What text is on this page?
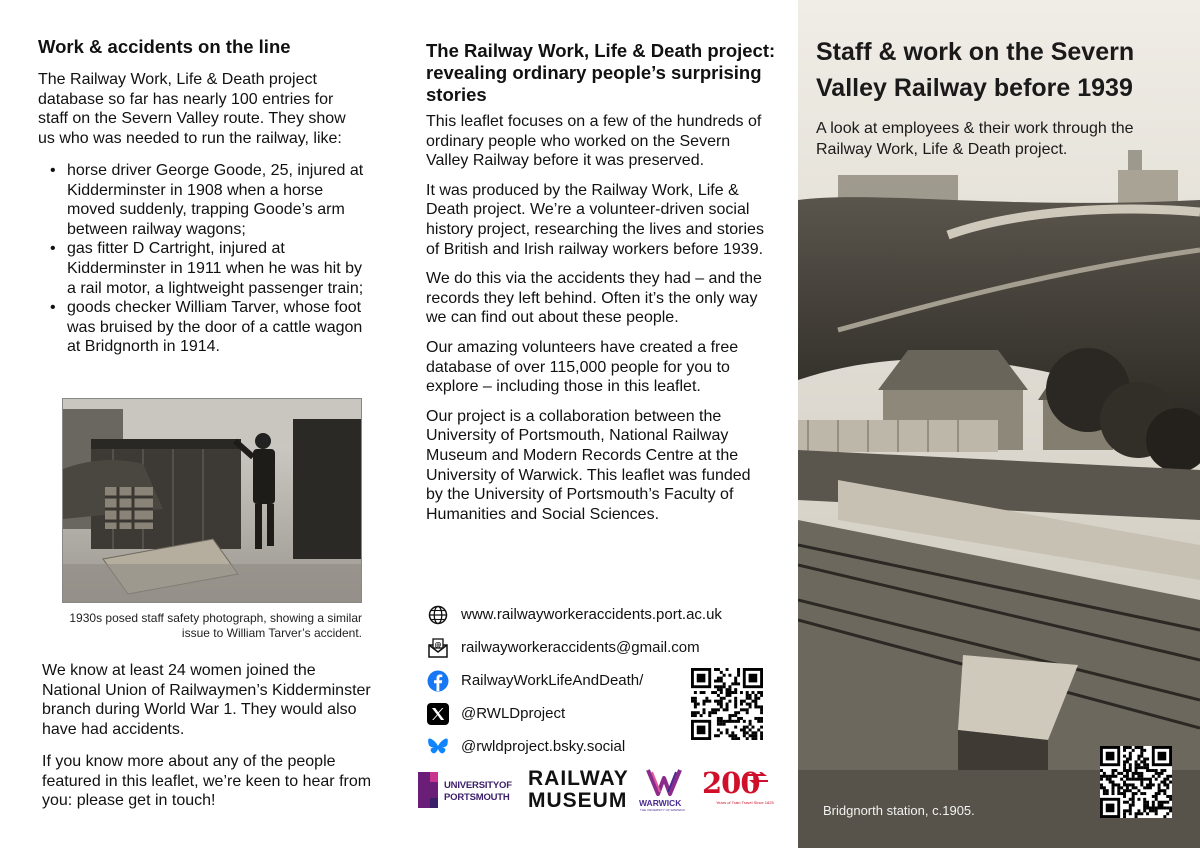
Work & accidents on the line

The Railway Work, Life & Death project database so far has nearly 100 entries for staff on the Severn Valley route. They show us who was needed to run the railway, like:

• horse driver George Goode, 25, injured at Kidderminster in 1908 when a horse moved suddenly, trapping Goode’s arm between railway wagons;
• gas fitter D Cartright, injured at Kidderminster in 1911 when he was hit by a rail motor, a lightweight passenger train;
• goods checker William Tarver, whose foot was bruised by the door of a cattle wagon at Bridgnorth in 1914.

1930s posed staff safety photograph, showing a similar issue to William Tarver’s accident.

We know at least 24 women joined the National Union of Railwaymen’s Kidderminster branch during World War 1. They would also have had accidents.

If you know more about any of the people featured in this leaflet, we’re keen to hear from you: please get in touch!

The Railway Work, Life & Death project: revealing ordinary people’s surprising stories

This leaflet focuses on a few of the hundreds of ordinary people who worked on the Severn Valley Railway before it was preserved.

It was produced by the Railway Work, Life & Death project. We’re a volunteer-driven social history project, researching the lives and stories of British and Irish railway workers before 1939.

We do this via the accidents they had – and the records they left behind. Often it’s the only way we can find out about these people.

Our amazing volunteers have created a free database of over 115,000 people for you to explore – including those in this leaflet.

Our project is a collaboration between the University of Portsmouth, National Railway Museum and Modern Records Centre at the University of Warwick. This leaflet was funded by the University of Portsmouth’s Faculty of Humanities and Social Sciences.

www.railwayworkeraccidents.port.ac.uk
@ railwayworkeraccidents@gmail.com
RailwayWorkLifeAndDeath/
@RWLDproject
@rwldproject.bsky.social
UNIVERSITYOF
PORTSMOUTH
RAILWAY
MUSEUM WARWICK
THE UNIVERSITY OF WARWICK
200
Years of Train Travel Since 1825
Staff & work on the Severn Valley Railway before 1939

A look at employees & their work through the Railway Work, Life & Death project.

Bridgnorth station, c.1905.
